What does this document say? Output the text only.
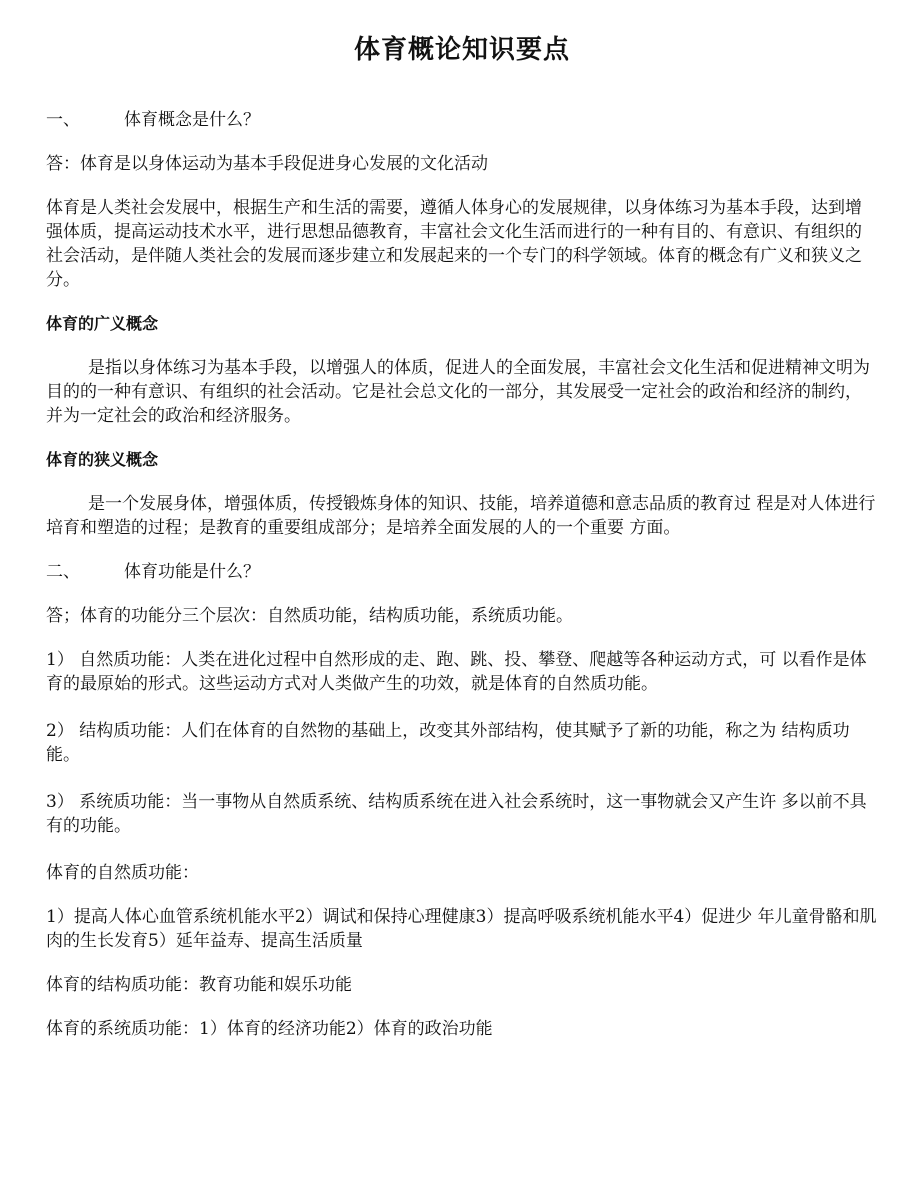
体育概论知识要点
一、	体育概念是什么？
答：体育是以身体运动为基本手段促进身心发展的文化活动
体育是人类社会发展中，根据生产和生活的需要，遵循人体身心的发展规律，以身体练习为基本手段，达到增强体质，提高运动技术水平，进行思想品德教育，丰富社会文化生活而进行的一种有目的、有意识、有组织的社会活动，是伴随人类社会的发展而逐步建立和发展起来的一个专门的科学领域。体育的概念有广义和狭义之分。
体育的广义概念
是指以身体练习为基本手段，以增强人的体质，促进人的全面发展，丰富社会文化生活和促进精神文明为目的的一种有意识、有组织的社会活动。它是社会总文化的一部分，其发展受一定社会的政治和经济的制约，并为一定社会的政治和经济服务。
体育的狭义概念
是一个发展身体，增强体质，传授锻炼身体的知识、技能，培养道德和意志品质的教育过 程是对人体进行培育和塑造的过程；是教育的重要组成部分；是培养全面发展的人的一个重要 方面。
二、	体育功能是什么？
答；体育的功能分三个层次：自然质功能，结构质功能，系统质功能。
1） 自然质功能：人类在进化过程中自然形成的走、跑、跳、投、攀登、爬越等各种运动方式，可 以看作是体育的最原始的形式。这些运动方式对人类做产生的功效，就是体育的自然质功能。
2） 结构质功能：人们在体育的自然物的基础上，改变其外部结构，使其赋予了新的功能，称之为 结构质功能。
3） 系统质功能：当一事物从自然质系统、结构质系统在进入社会系统时，这一事物就会又产生许 多以前不具有的功能。
体育的自然质功能：
1）提高人体心血管系统机能水平2）调试和保持心理健康3）提高呼吸系统机能水平4）促进少 年儿童骨骼和肌肉的生长发育5）延年益寿、提高生活质量
体育的结构质功能：教育功能和娱乐功能
体育的系统质功能：1）体育的经济功能2）体育的政治功能
